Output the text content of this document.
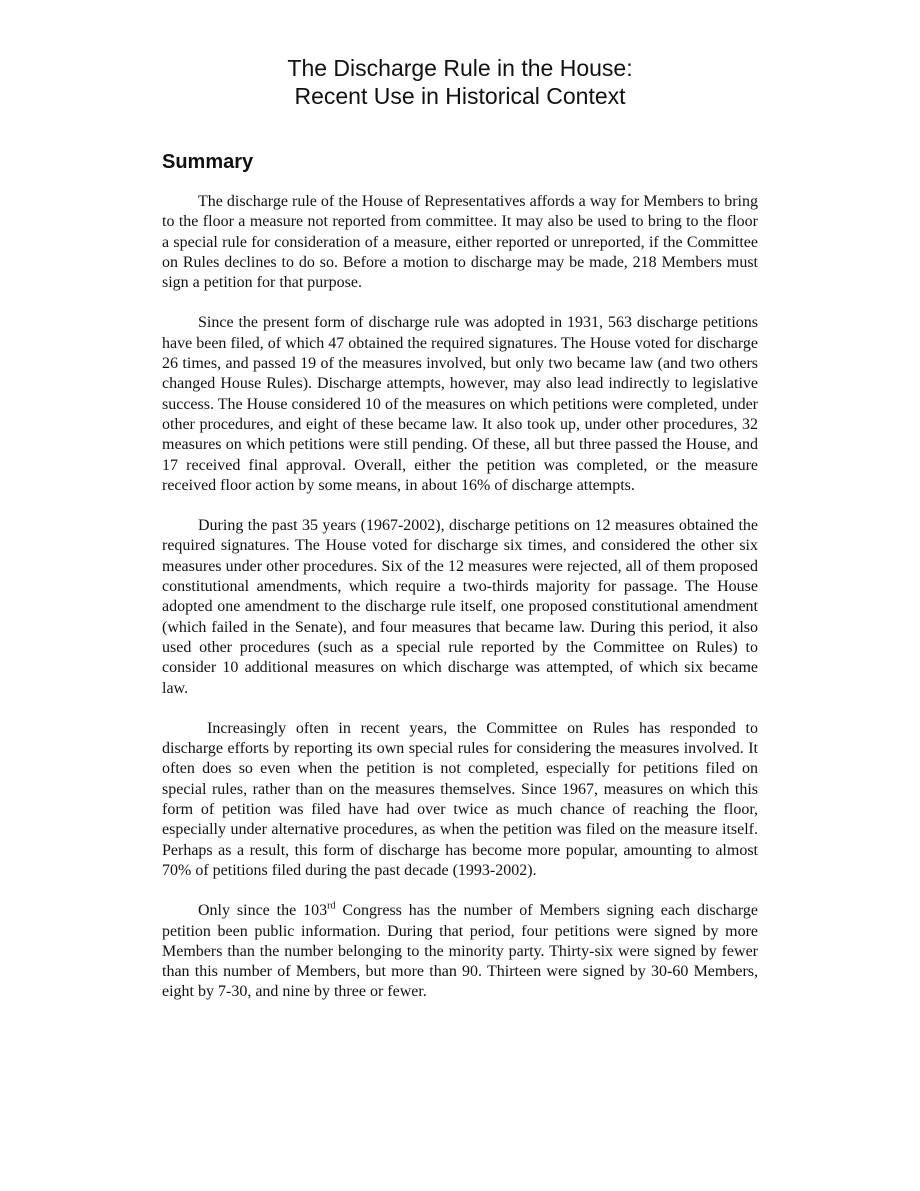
The Discharge Rule in the House:
Recent Use in Historical Context
Summary

The discharge rule of the House of Representatives affords a way for Members to bring to the floor a measure not reported from committee. It may also be used to bring to the floor a special rule for consideration of a measure, either reported or unreported, if the Committee on Rules declines to do so. Before a motion to discharge may be made, 218 Members must sign a petition for that purpose.

Since the present form of discharge rule was adopted in 1931, 563 discharge petitions have been filed, of which 47 obtained the required signatures. The House voted for discharge 26 times, and passed 19 of the measures involved, but only two became law (and two others changed House Rules). Discharge attempts, however, may also lead indirectly to legislative success. The House considered 10 of the measures on which petitions were completed, under other procedures, and eight of these became law. It also took up, under other procedures, 32 measures on which petitions were still pending. Of these, all but three passed the House, and 17 received final approval. Overall, either the petition was completed, or the measure received floor action by some means, in about 16% of discharge attempts.

During the past 35 years (1967-2002), discharge petitions on 12 measures obtained the required signatures. The House voted for discharge six times, and considered the other six measures under other procedures. Six of the 12 measures were rejected, all of them proposed constitutional amendments, which require a two-thirds majority for passage. The House adopted one amendment to the discharge rule itself, one proposed constitutional amendment (which failed in the Senate), and four measures that became law. During this period, it also used other procedures (such as a special rule reported by the Committee on Rules) to consider 10 additional measures on which discharge was attempted, of which six became law.

Increasingly often in recent years, the Committee on Rules has responded to discharge efforts by reporting its own special rules for considering the measures involved. It often does so even when the petition is not completed, especially for petitions filed on special rules, rather than on the measures themselves. Since 1967, measures on which this form of petition was filed have had over twice as much chance of reaching the floor, especially under alternative procedures, as when the petition was filed on the measure itself. Perhaps as a result, this form of discharge has become more popular, amounting to almost 70% of petitions filed during the past decade (1993-2002).

Only since the 103rd Congress has the number of Members signing each discharge petition been public information. During that period, four petitions were signed by more Members than the number belonging to the minority party. Thirty-six were signed by fewer than this number of Members, but more than 90. Thirteen were signed by 30-60 Members, eight by 7-30, and nine by three or fewer.
